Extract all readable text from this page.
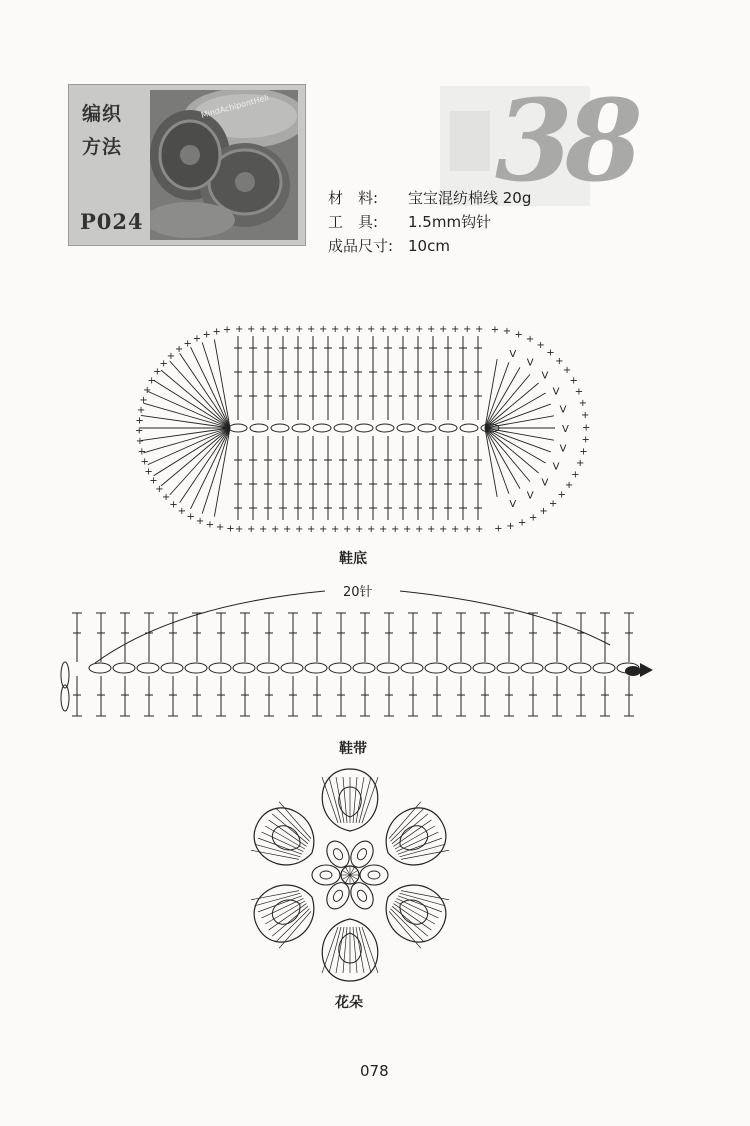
编织
方法
P024
MindAchipontHeli 38
材　料: 宝宝混纺棉线 20g
工　具: 1.5mm钩针
成品尺寸: 10cm
+
+
+
+
+
+
+
+
+
+
+
+
+
+
+
+
+
+
+
+
+
+
+
+
+
+
+
+
+
+
+
+
+
+
+
+
+
+
+
+
+
+
+
+
+
+
+
+
+
+
+
+
+
+
+
+
+
+
+
+
+
+
+
+
+
+
+ + + + +	+ + + +
+
+
+
+
+
+
+
+
+
+
+
+
+
+
+
+
+
+
+
+
+
V
V
V
V
V
V
V
V
V
V
V
鞋底
20针
鞋带
花朵
078
